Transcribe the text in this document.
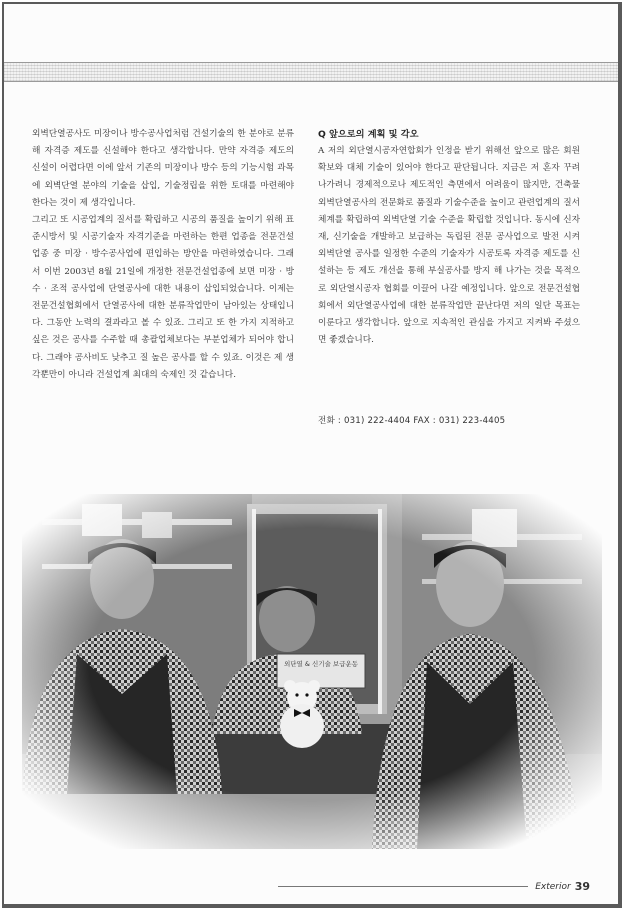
외벽단열공사도 미장이나 방수공사업처럼 건설기술의 한 분야로 분류해 자격증 제도를 신설해야 한다고 생각합니다. 만약 자격증 제도의 신설이 어렵다면 이에 앞서 기존의 미장이나 방수 등의 기능시험 과목에 외벽단열 분야의 기술을 삽입, 기술정립을 위한 토대를 마련해야 한다는 것이 제 생각입니다.

그리고 또 시공업계의 질서를 확립하고 시공의 품질을 높이기 위해 표준시방서 및 시공기술자 자격기준을 마련하는 한편 업종을 전문건설업종 중 미장 · 방수공사업에 편입하는 방안을 마련하였습니다. 그래서 이번 2003년 8월 21일에 개정한 전문건설업종에 보면 미장 · 방수 · 조적 공사업에 단열공사에 대한 내용이 삽입되었습니다. 이제는 전문건설협회에서 단열공사에 대한 분류작업만이 남아있는 상태입니다. 그동안 노력의 결과라고 볼 수 있죠. 그리고 또 한 가지 지적하고 싶은 것은 공사를 수주할 때 총괄업체보다는 부분업체가 되어야 합니다. 그래야 공사비도 낮추고 질 높은 공사를 할 수 있죠. 이것은 제 생각뿐만이 아니라 건설업계 최대의 숙제인 것 같습니다.

Q 앞으로의 계획 및 각오

A 저의 외단열시공자연합회가 인정을 받기 위해선 앞으로 많은 회원확보와 대체 기술이 있어야 한다고 판단됩니다. 지금은 저 혼자 꾸려나가려니 경제적으로나 제도적인 측면에서 어려움이 많지만, 건축물 외벽단열공사의 전문화로 품질과 기술수준을 높이고 관련업계의 질서 체계를 확립하여 외벽단열 기술 수준을 확립할 것입니다. 동시에 신자재, 신기술을 개발하고 보급하는 독립된 전문 공사업으로 발전 시켜 외벽단열 공사를 일정한 수준의 기술자가 시공토록 자격증 제도를 신설하는 등 제도 개선을 통해 부실공사를 방지 해 나가는 것을 목적으로 외단열시공자 협회를 이끌어 나갈 예정입니다. 앞으로 전문건설협회에서 외단열공사업에 대한 분류작업만 끝난다면 저의 일단 목표는 이룬다고 생각합니다. 앞으로 지속적인 관심을 가지고 지켜봐 주셨으면 좋겠습니다.

전화 : 031) 222-4404 FAX : 031) 223-4405
Exterior 39
